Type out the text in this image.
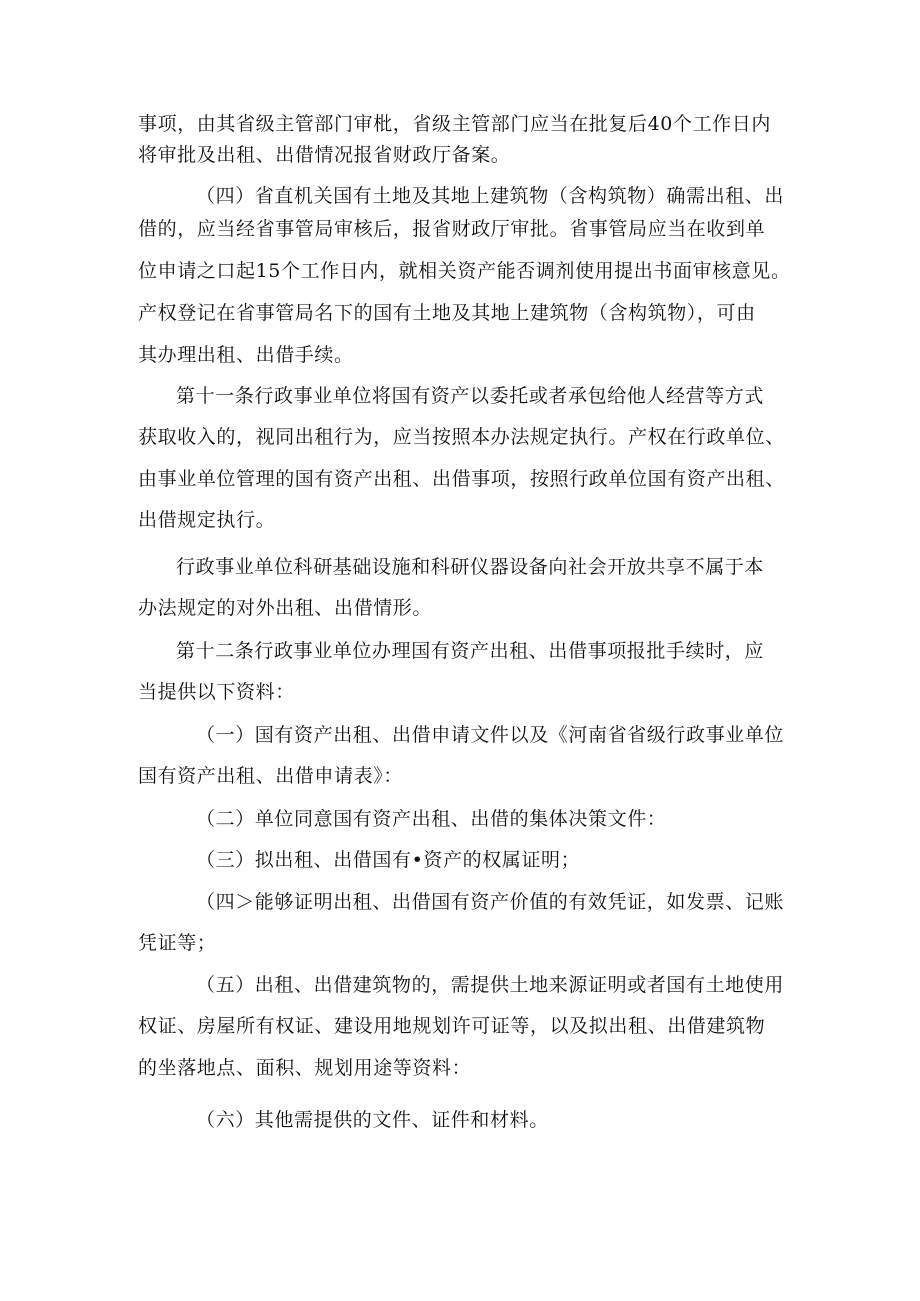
事项，由其省级主管部门审枇，省级主管部门应当在批复后40个工作日内
将审批及出租、出借情况报省财政厅备案。
（四）省直机关国有土地及其地上建筑物（含构筑物）确需出租、出
借的，应当经省事管局审核后，报省财政厅审批。省事管局应当在收到单
位申请之口起15个工作日内，就相关资产能否调剂使用提出书面审核意见。
产权登记在省事管局名下的国有土地及其地上建筑物（含构筑物），可由
其办理出租、出借手续。
第十一条行政事业单位将国有资产以委托或者承包给他人经营等方式
获取收入的，视同出租行为，应当按照本办法规定执行。产权在行政单位、
由事业单位管理的国有资产出租、出借事项，按照行政单位国有资产出租、
出借规定执行。
行政事业单位科研基础设施和科研仪器设备向社会开放共享不属于本
办法规定的对外出租、出借情形。
第十二条行政事业单位办理国有资产出租、出借事项报批手续时，应
当提供以下资料：
（一）国有资产出租、出借申请文件以及《河南省省级行政事业单位
国有资产出租、出借申请表》：
（二）单位同意国有资产出租、出借的集体决策文件：
（三）拟出租、出借国有•资产的权属证明；
（四＞能够证明出租、出借国有资产价值的有效凭证，如发票、记账
凭证等；
（五）出租、出借建筑物的，需提供土地来源证明或者国有土地使用
权证、房屋所有权证、建设用地规划许可证等，以及拟出租、出借建筑物
的坐落地点、面积、规划用途等资料：
（六）其他需提供的文件、证件和材料。
